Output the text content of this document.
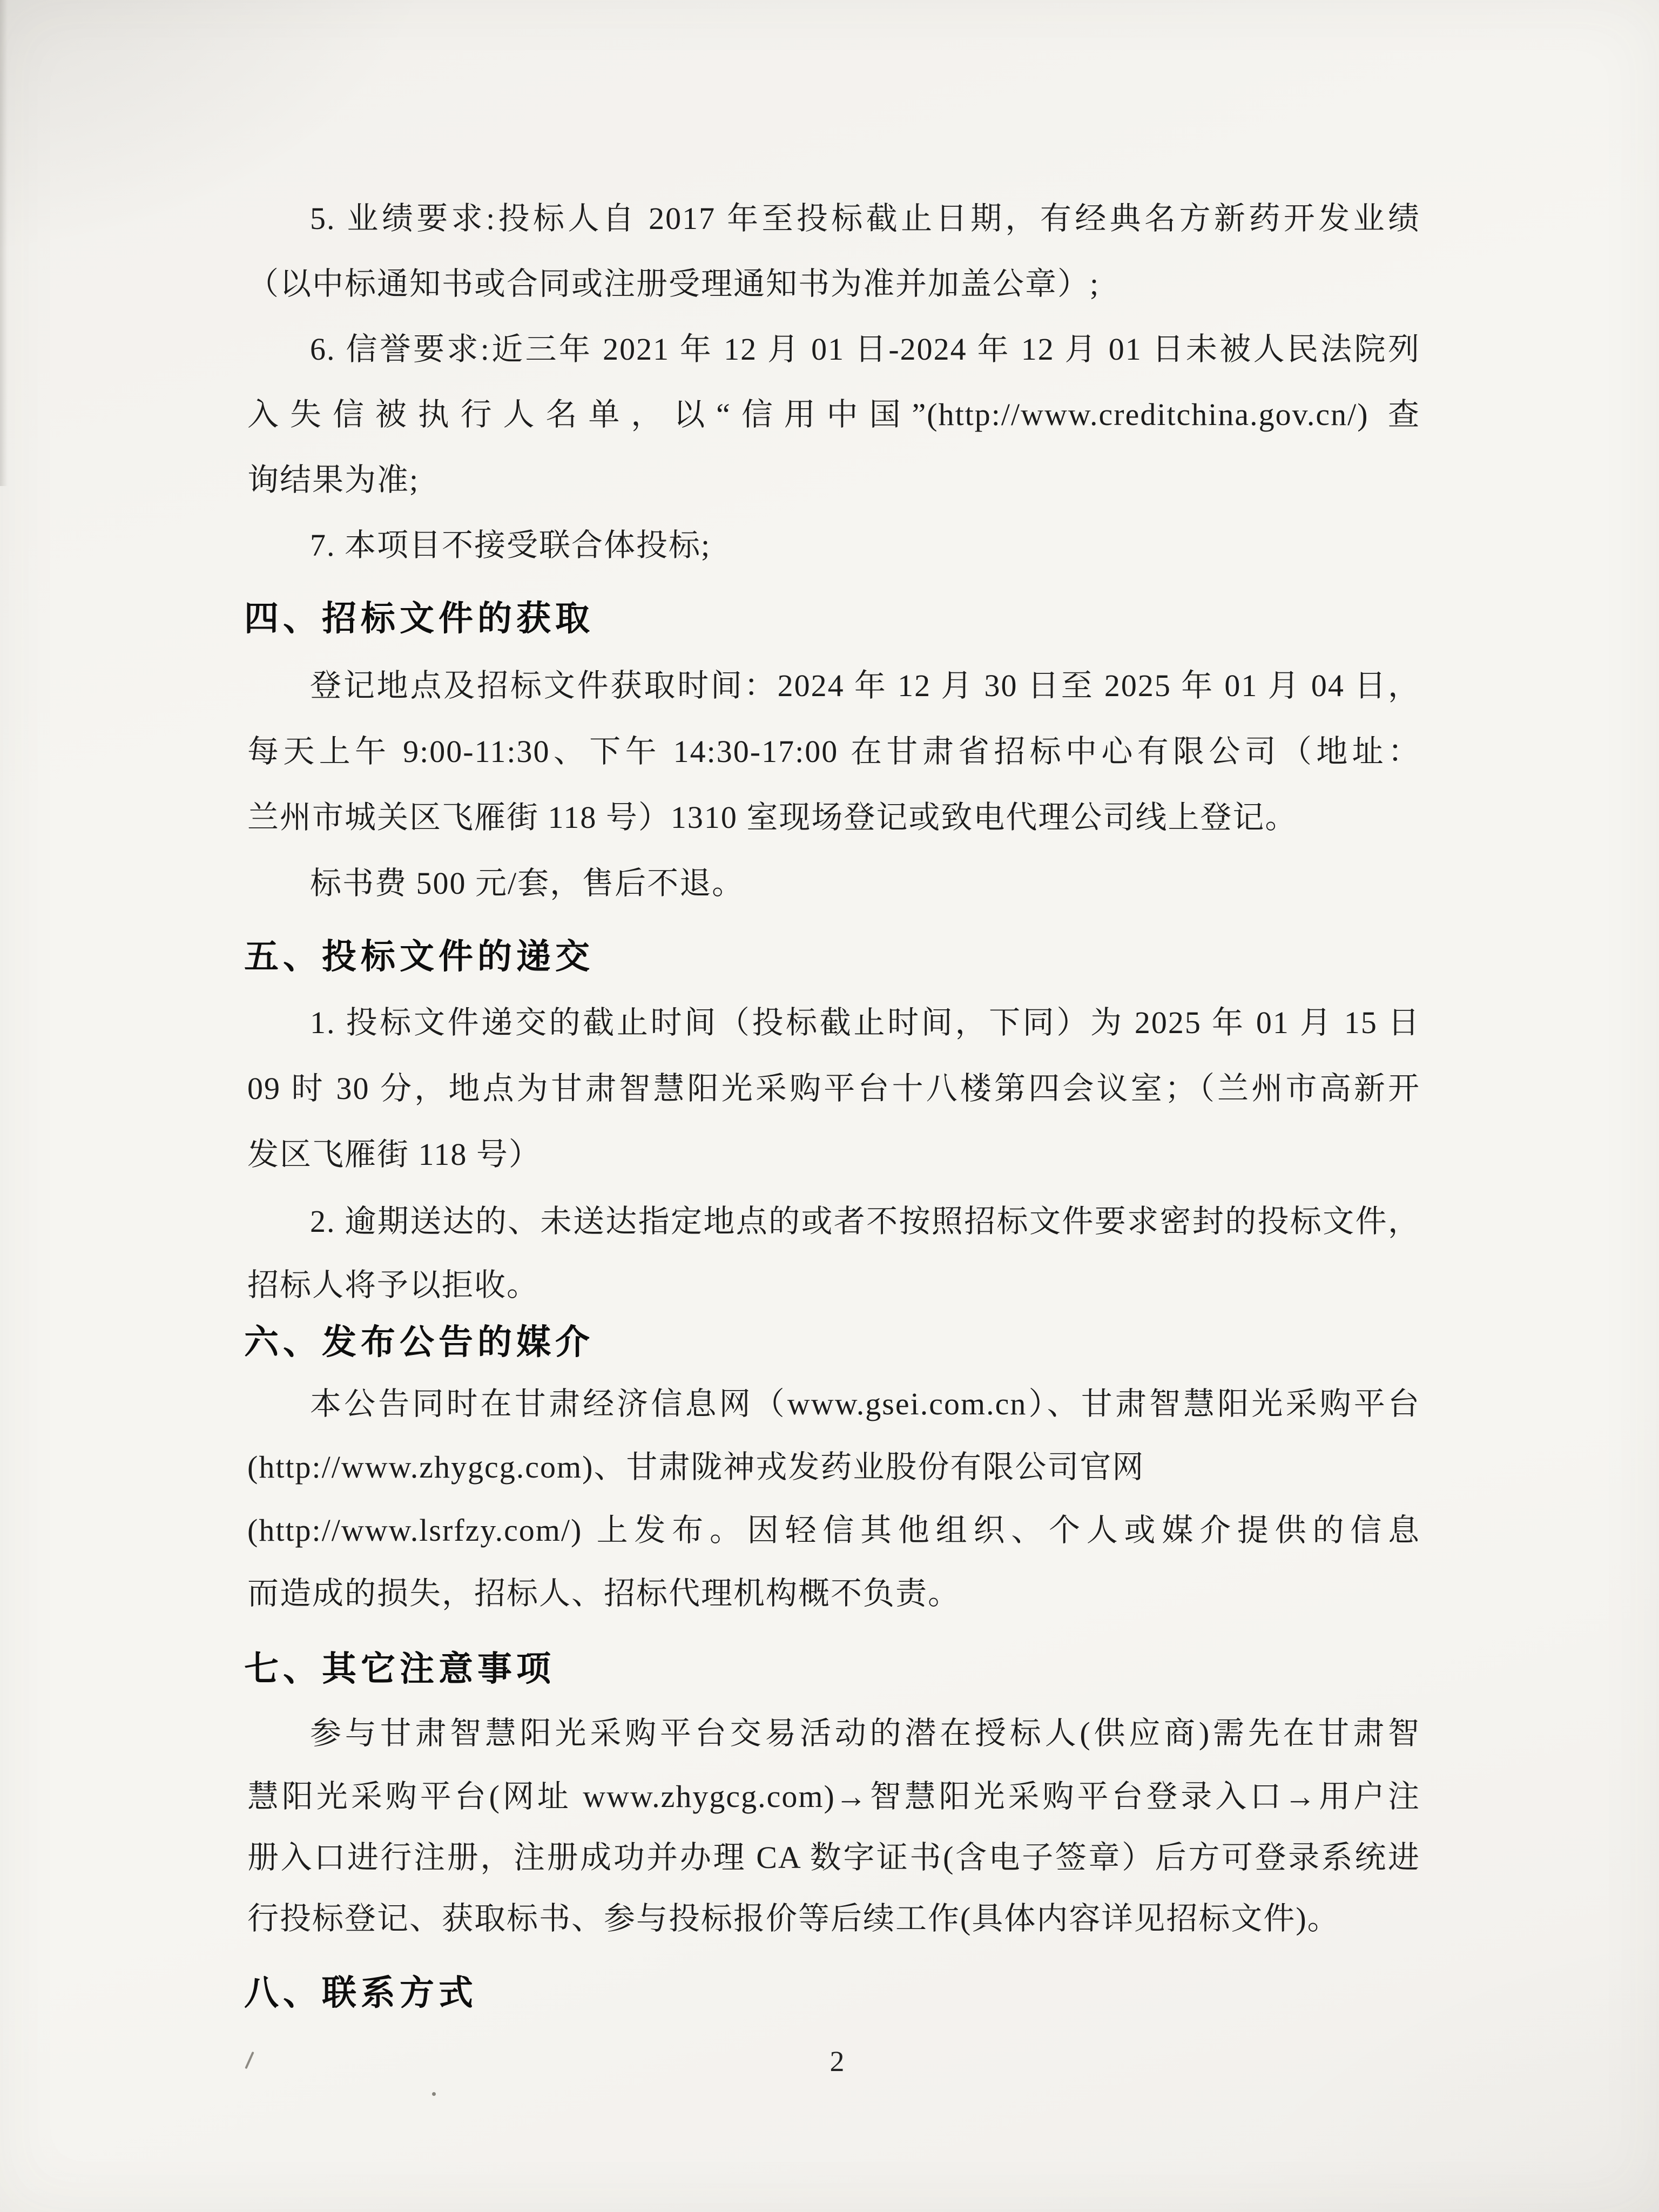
5. 业绩要求:投标人自 2017 年至投标截止日期，有经典名方新药开发业绩
（以中标通知书或合同或注册受理通知书为准并加盖公章）;
6. 信誉要求:近三年 2021 年 12 月 01 日-2024 年 12 月 01 日未被人民法院列
入失信被执行人名单，以“信用中国”(http://www.creditchina.gov.cn/) 查
询结果为准;
7. 本项目不接受联合体投标;
四、招标文件的获取
登记地点及招标文件获取时间：2024 年 12 月 30 日至 2025 年 01 月 04 日，
每天上午 9:00-11:30、下午 14:30-17:00 在甘肃省招标中心有限公司（地址：
兰州市城关区飞雁街 118 号）1310 室现场登记或致电代理公司线上登记。
标书费 500 元/套，售后不退。
五、投标文件的递交
1. 投标文件递交的截止时间（投标截止时间，下同）为 2025 年 01 月 15 日
09 时 30 分，地点为甘肃智慧阳光采购平台十八楼第四会议室；（兰州市高新开
发区飞雁街 118 号）
2. 逾期送达的、未送达指定地点的或者不按照招标文件要求密封的投标文件，
招标人将予以拒收。
六、发布公告的媒介
本公告同时在甘肃经济信息网（www.gsei.com.cn）、甘肃智慧阳光采购平台
(http://www.zhygcg.com)、甘肃陇神戎发药业股份有限公司官网
(http://www.lsrfzy.com/) 上发布。因轻信其他组织、个人或媒介提供的信息
而造成的损失，招标人、招标代理机构概不负责。
七、其它注意事项
参与甘肃智慧阳光采购平台交易活动的潜在授标人(供应商)需先在甘肃智
慧阳光采购平台(网址 www.zhygcg.com)→智慧阳光采购平台登录入口→用户注
册入口进行注册，注册成功并办理 CA 数字证书(含电子签章）后方可登录系统进
行投标登记、获取标书、参与投标报价等后续工作(具体内容详见招标文件)。
八、联系方式
2
